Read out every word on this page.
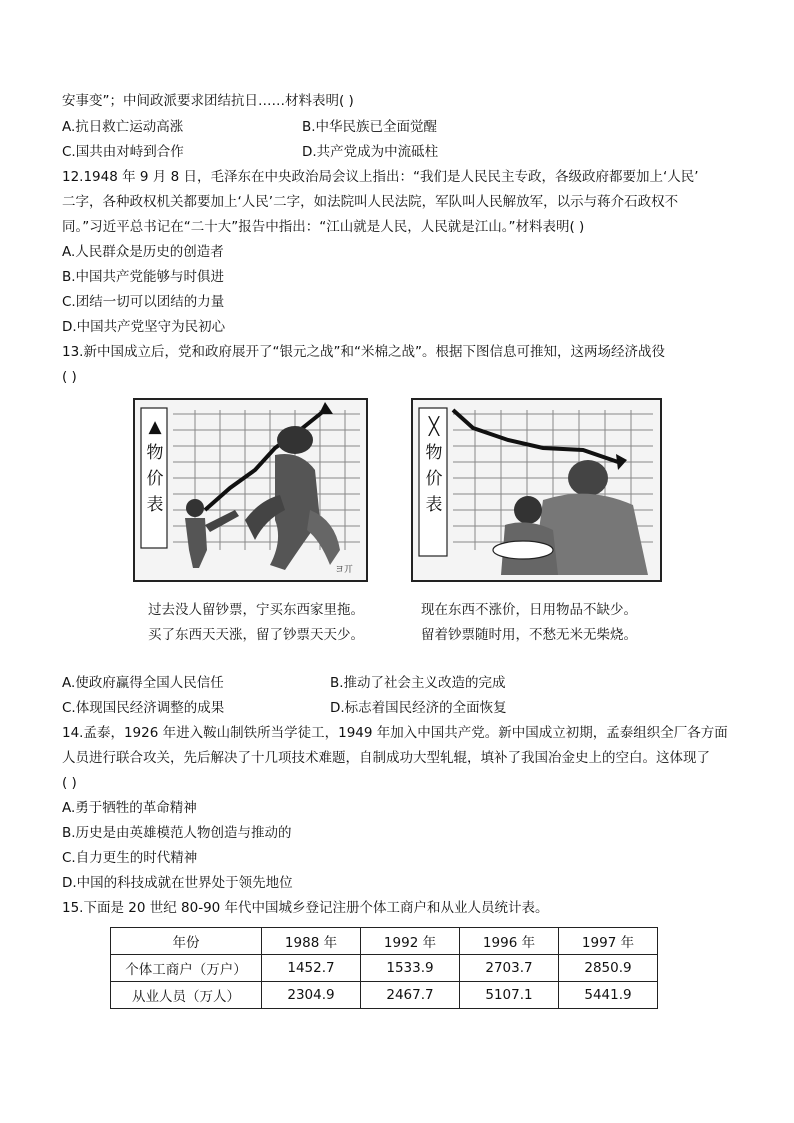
安事变”；中间政派要求团结抗日……材料表明( )
A.抗日救亡运动高涨	B.中华民族已全面觉醒
C.国共由对峙到合作	D.共产党成为中流砥柱
12.1948 年 9 月 8 日，毛泽东在中央政治局会议上指出：“我们是人民民主专政，各级政府都要加上‘人民’
二字，各种政权机关都要加上‘人民’二字，如法院叫人民法院，军队叫人民解放军，以示与蒋介石政权不
同。”习近平总书记在“二十大”报告中指出：“江山就是人民，人民就是江山。”材料表明( )
A.人民群众是历史的创造者
B.中国共产党能够与时俱进
C.团结一切可以团结的力量
D.中国共产党坚守为民初心
13.新中国成立后，党和政府展开了“银元之战”和“米棉之战”。根据下图信息可推知，这两场经济战役
( )
ヨ丌
▲
物
价
表
╳
物
价
表
过去没人留钞票，宁买东西家里拖。
买了东西天天涨，留了钞票天天少。
现在东西不涨价，日用物品不缺少。
留着钞票随时用，不愁无米无柴烧。
A.使政府赢得全国人民信任	B.推动了社会主义改造的完成
C.体现国民经济调整的成果	D.标志着国民经济的全面恢复
14.孟泰，1926 年进入鞍山制铁所当学徒工，1949 年加入中国共产党。新中国成立初期，孟泰组织全厂各方面
人员进行联合攻关，先后解决了十几项技术难题，自制成功大型轧辊，填补了我国冶金史上的空白。这体现了
( )
A.勇于牺牲的革命精神
B.历史是由英雄模范人物创造与推动的
C.自力更生的时代精神
D.中国的科技成就在世界处于领先地位
15.下面是 20 世纪 80-90 年代中国城乡登记注册个体工商户和从业人员统计表。
年份	1988 年	1992 年	1996 年	1997 年
个体工商户（万户）	1452.7	1533.9	2703.7	2850.9
从业人员（万人）	2304.9	2467.7	5107.1	5441.9
